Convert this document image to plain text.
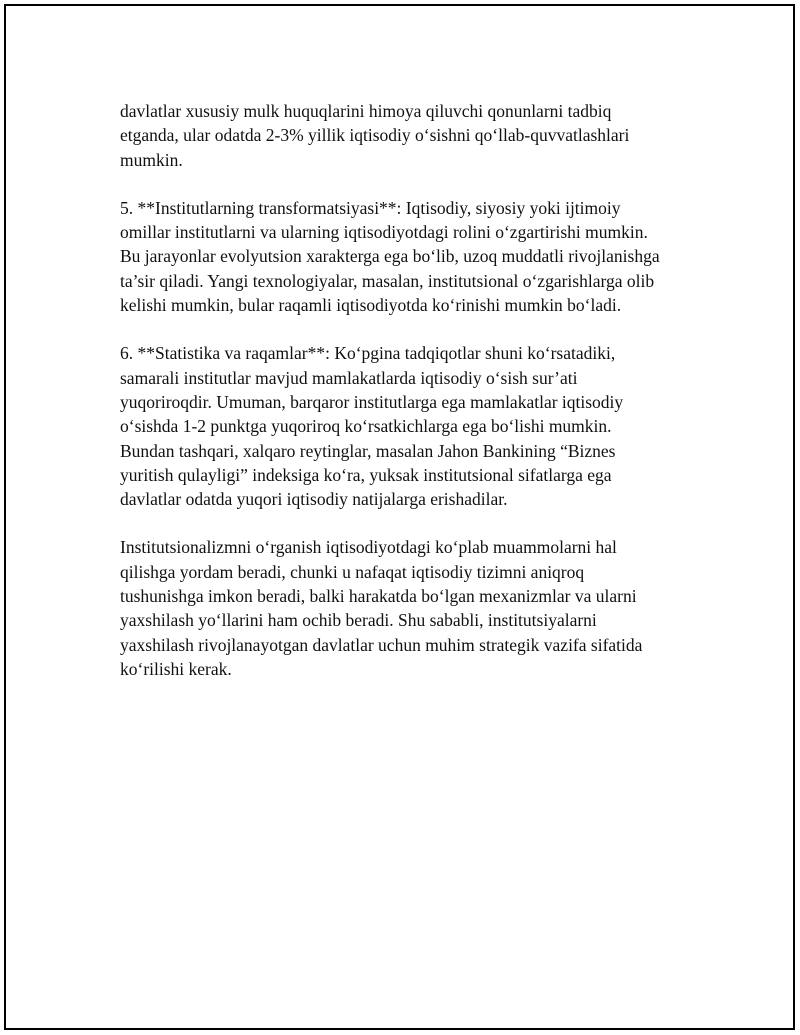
davlatlar xususiy mulk huquqlarini himoya qiluvchi qonunlarni tadbiq
etganda, ular odatda 2-3% yillik iqtisodiy o‘sishni qo‘llab-quvvatlashlari
mumkin.

5. **Institutlarning transformatsiyasi**: Iqtisodiy, siyosiy yoki ijtimoiy
omillar institutlarni va ularning iqtisodiyotdagi rolini o‘zgartirishi mumkin.
Bu jarayonlar evolyutsion xarakterga ega bo‘lib, uzoq muddatli rivojlanishga
ta’sir qiladi. Yangi texnologiyalar, masalan, institutsional o‘zgarishlarga olib
kelishi mumkin, bular raqamli iqtisodiyotda ko‘rinishi mumkin bo‘ladi.

6. **Statistika va raqamlar**: Ko‘pgina tadqiqotlar shuni ko‘rsatadiki,
samarali institutlar mavjud mamlakatlarda iqtisodiy o‘sish sur’ati
yuqoriroqdir. Umuman, barqaror institutlarga ega mamlakatlar iqtisodiy
o‘sishda 1-2 punktga yuqoriroq ko‘rsatkichlarga ega bo‘lishi mumkin.
Bundan tashqari, xalqaro reytinglar, masalan Jahon Bankining “Biznes
yuritish qulayligi” indeksiga ko‘ra, yuksak institutsional sifatlarga ega
davlatlar odatda yuqori iqtisodiy natijalarga erishadilar.

Institutsionalizmni o‘rganish iqtisodiyotdagi ko‘plab muammolarni hal
qilishga yordam beradi, chunki u nafaqat iqtisodiy tizimni aniqroq
tushunishga imkon beradi, balki harakatda bo‘lgan mexanizmlar va ularni
yaxshilash yo‘llarini ham ochib beradi. Shu sababli, institutsiyalarni
yaxshilash rivojlanayotgan davlatlar uchun muhim strategik vazifa sifatida
ko‘rilishi kerak.
